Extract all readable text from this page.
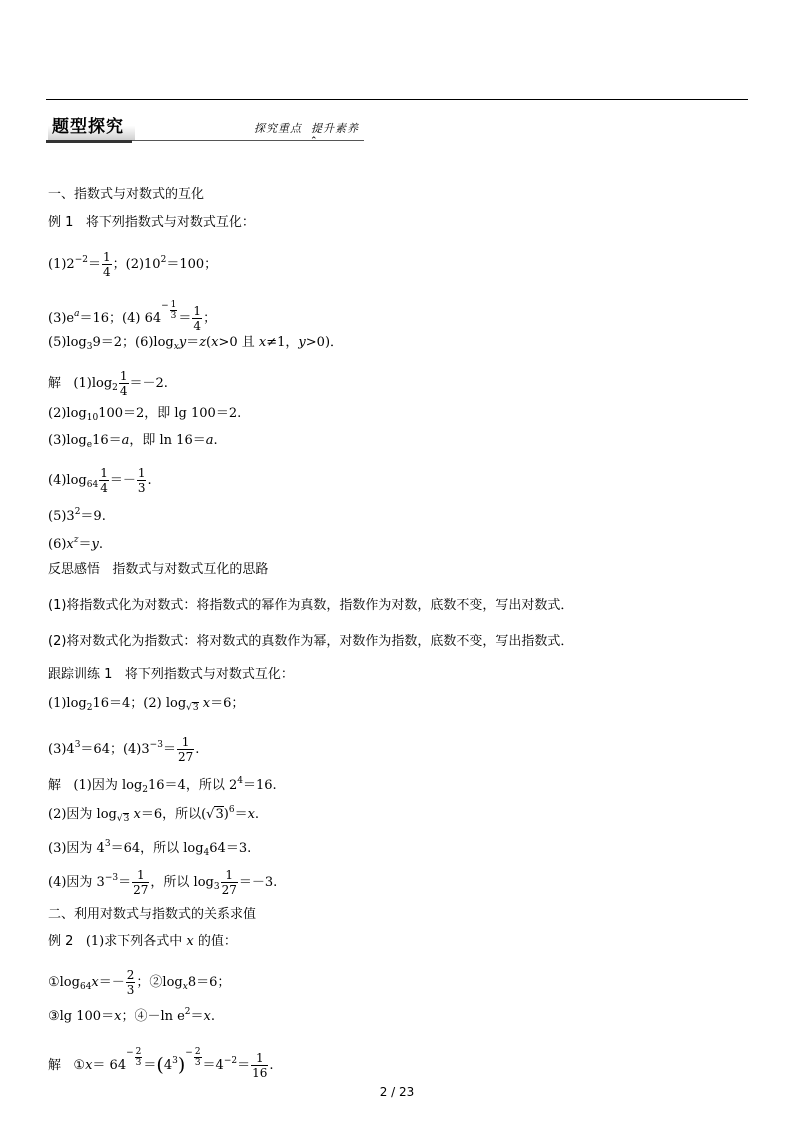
题型探究	探究重点 提升素养
⌃
一、指数式与对数式的互化
例 1 将下列指数式与对数式互化：
$(1)2^{-2}= \frac{1}{4}$ ；$(2)10^2=100$；
$(3)e^a=16$；(4) $64^- \frac{1}{3} = \frac{1}{4}$ ；
$(5)\log_39=2$；$(6)\log_xy=z(x>0$ 且 x≠1，y>0)．
解 $(1)\log_2 \frac{1}{4} =-2$.
$(2)\log_{10}100=2$，即 lg 100＝2.
$(3)\log_e16=a$，即 ln 16＝a.
$(4)\log_{64} \frac{1}{4} =- \frac{1}{3}$ .
$(5)3^2=9$.
$(6)x^z=y$.
反思感悟 指数式与对数式互化的思路
(1)将指数式化为对数式：将指数式的幂作为真数，指数作为对数，底数不变，写出对数式．
(2)将对数式化为指数式：将对数式的真数作为幂，对数作为指数，底数不变，写出指数式．
跟踪训练 1 将下列指数式与对数式互化：
$(1)\log_216=4$；(2) $\log_{√3} x=6$；
$(3)4^3=64$；$(4)3^{-3}= \frac{1}{27}$ .
解 (1)因为 $\log_216=4$，所以 $2^4=16$.
(2)因为 $\log_{√3} x=6$，所以$(√3)^6=x$.
(3)因为 $4^3=64$，所以 $\log_464=3$.
(4)因为 $3^{-3}= \frac{1}{27}$ ，所以 $\log_3 \frac{1}{27} =-3$.
二、利用对数式与指数式的关系求值
例 2 (1)求下列各式中 x 的值：
$①\log_{64}x=- \frac{2}{3}$ ；$②\log_x8=6$；
③lg 100＝x；④－ln $e^2=x$.
解 ①x＝ $64^- \frac{2}{3} =(4^3)^- \frac{2}{3} =4^{-2}= \frac{1}{16}$ .
2 / 23
